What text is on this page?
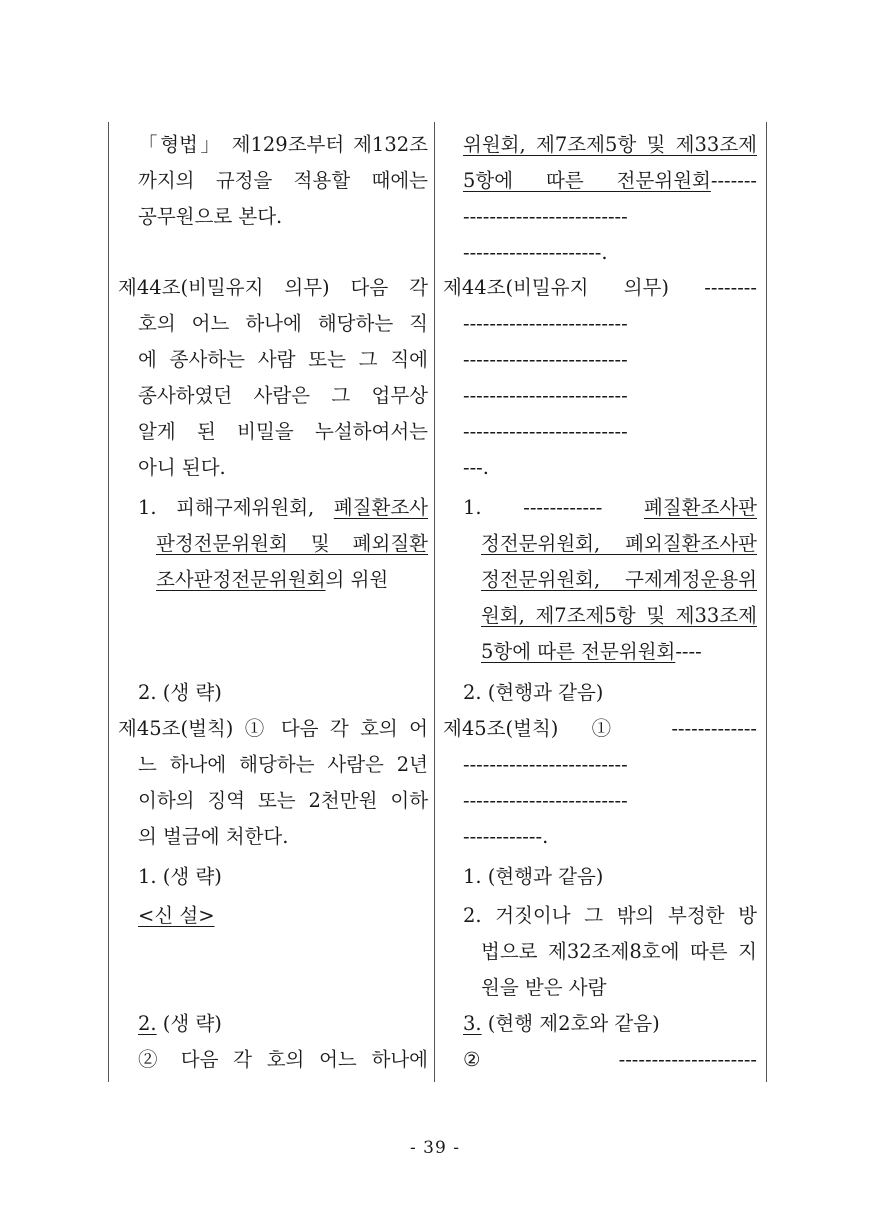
「형법」 제129조부터 제132조
까지의 규정을 적용할 때에는
공무원으로 본다.
제44조(비밀유지 의무) 다음 각
호의 어느 하나에 해당하는 직
에 종사하는 사람 또는 그 직에
종사하였던 사람은 그 업무상
알게 된 비밀을 누설하여서는
아니 된다.
1. 피해구제위원회, 폐질환조사
판정전문위원회 및 폐외질환
조사판정전문위원회의 위원
2. (생 략)
제45조(벌칙) ① 다음 각 호의 어
느 하나에 해당하는 사람은 2년
이하의 징역 또는 2천만원 이하
의 벌금에 처한다.
1. (생 략)
<신 설>
2. (생 략)
② 다음 각 호의 어느 하나에
위원회, 제7조제5항 및 제33조제
5항에 따른 전문위원회-------
-------------------------
---------------------.
제44조(비밀유지 의무) --------
-------------------------
-------------------------
-------------------------
-------------------------
---.
1. ------------ 폐질환조사판
정전문위원회, 폐외질환조사판
정전문위원회, 구제계정운용위
원회, 제7조제5항 및 제33조제
5항에 따른 전문위원회----
2. (현행과 같음)
제45조(벌칙) ① -------------
-------------------------
-------------------------
------------.
1. (현행과 같음)
2. 거짓이나 그 밖의 부정한 방
법으로 제32조제8호에 따른 지
원을 받은 사람
3. (현행 제2호와 같음)
② ---------------------
- 39 -
